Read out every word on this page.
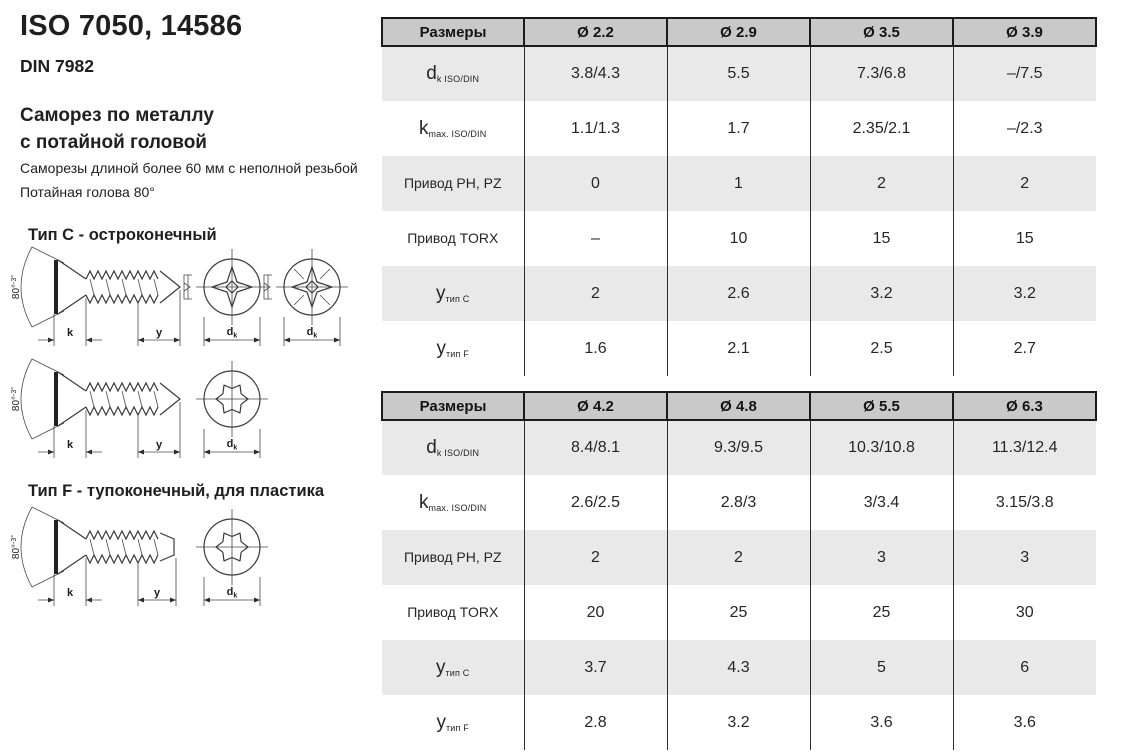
ISO 7050, 14586
DIN 7982
Саморез по металлу
с потайной головой

Саморезы длиной более 60 мм с неполной резьбой

Потайная голова 80°

Тип C - остроконечный
80°$^{-3^\circ}$
k	y	$d_k$	$d_k$
80°$^{-3^\circ}$
k	y	$d_k$
Тип F - тупоконечный, для пластика
80°$^{-3^\circ}$
k	y	$d_k$
Размеры	Ø 2.2	Ø 2.9	Ø 3.5	Ø 3.9
$d_{k ISO/DIN}$	3.8/4.3	5.5	7.3/6.8	–/7.5
$k_{max. ISO/DIN}$	1.1/1.3	1.7	2.35/2.1	–/2.3
Привод PH, PZ	0	1	2	2
Привод TORX	–	10	15	15
$y_{тип C}$	2	2.6	3.2	3.2
$y_{тип F}$	1.6	2.1	2.5	2.7
Размеры	Ø 4.2	Ø 4.8	Ø 5.5	Ø 6.3
$d_{k ISO/DIN}$	8.4/8.1	9.3/9.5	10.3/10.8	11.3/12.4
$k_{max. ISO/DIN}$	2.6/2.5	2.8/3	3/3.4	3.15/3.8
Привод PH, PZ	2	2	3	3
Привод TORX	20	25	25	30
$y_{тип C}$	3.7	4.3	5	6
$y_{тип F}$	2.8	3.2	3.6	3.6
